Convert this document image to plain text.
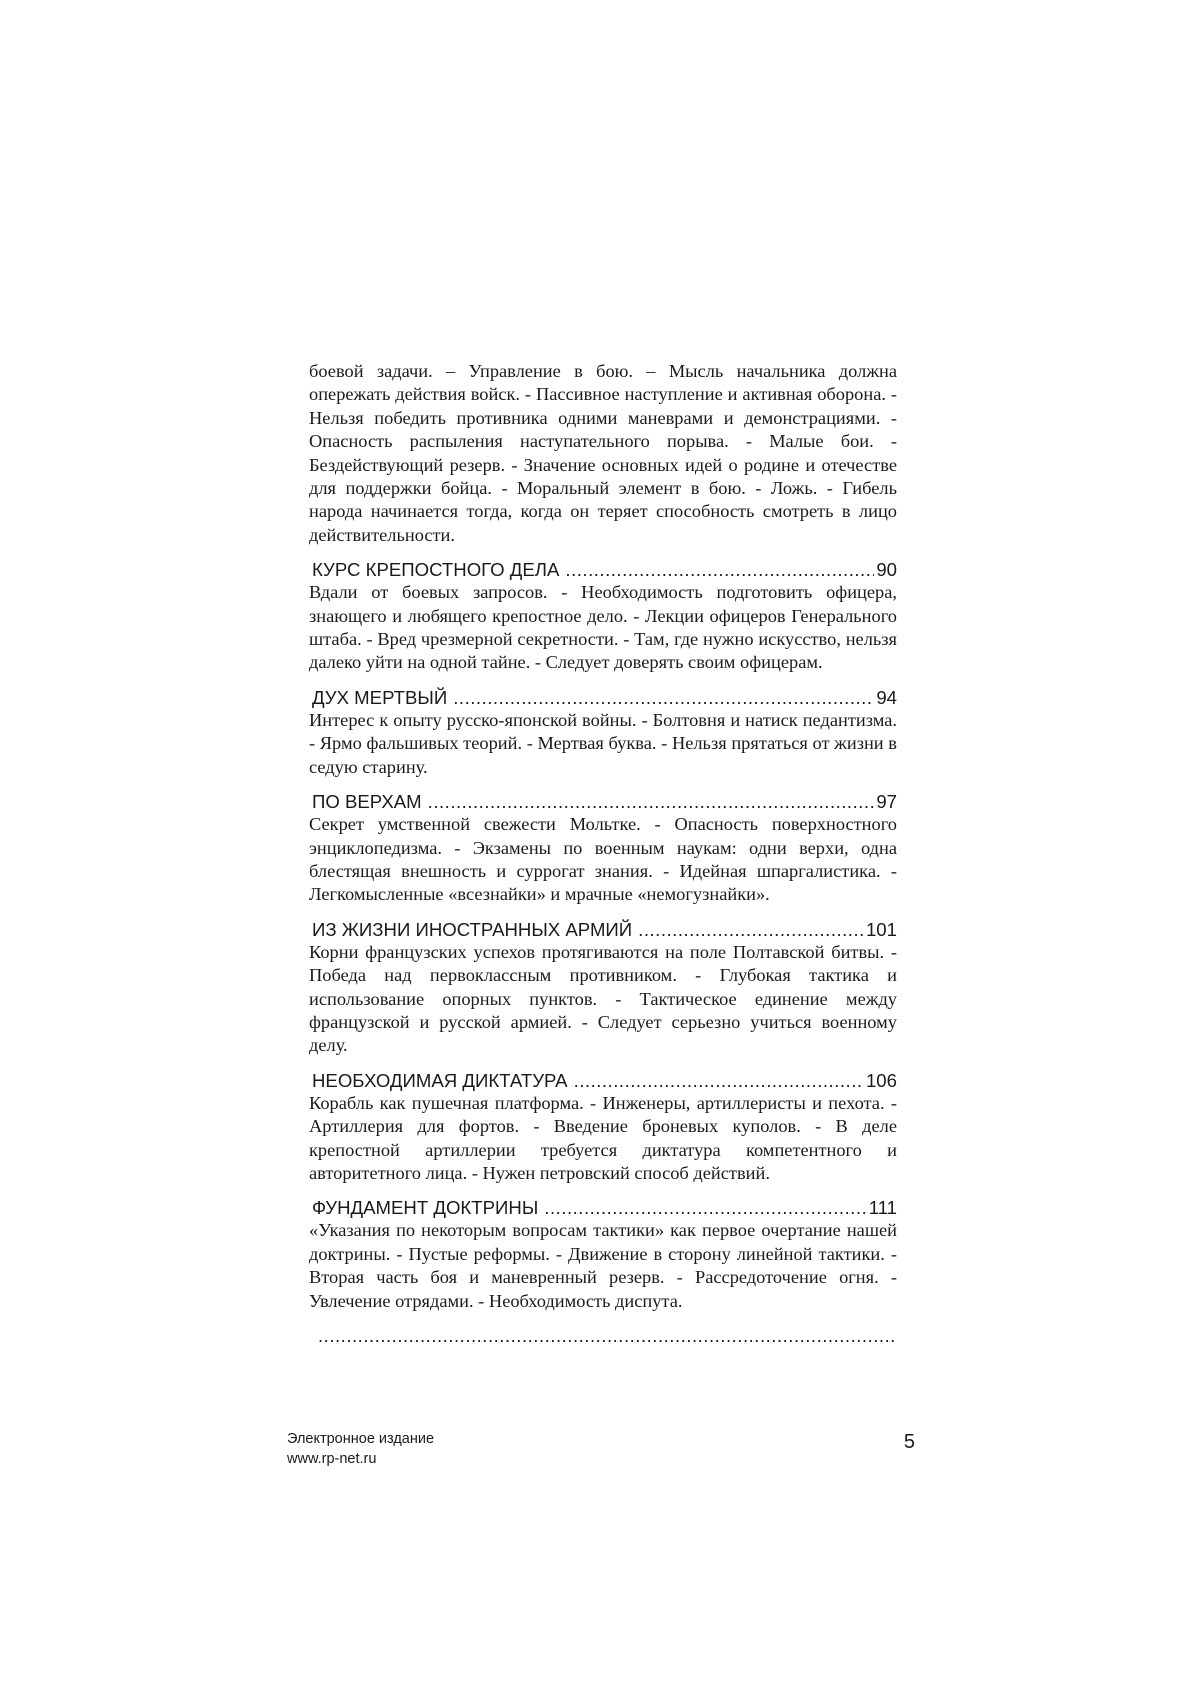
боевой задачи. – Управление в бою. – Мысль начальника должна опережать действия войск. - Пассивное наступление и активная оборона. - Нельзя победить противника одними маневрами и демонстрациями. - Опасность распыления наступательного порыва. - Малые бои. - Бездействующий резерв. - Значение основных идей о родине и отечестве для поддержки бойца. - Моральный элемент в бою. - Ложь. - Гибель народа начинается тогда, когда он теряет способность смотреть в лицо действительности.

КУРС КРЕПОСТНОГО ДЕЛА .....	90

Вдали от боевых запросов. - Необходимость подготовить офицера, знающего и любящего крепостное дело. - Лекции офицеров Генерального штаба. - Вред чрезмерной секретности. - Там, где нужно искусство, нельзя далеко уйти на одной тайне. - Следует доверять своим офицерам.

ДУХ МЕРТВЫЙ .....	94

Интерес к опыту русско-японской войны. - Болтовня и натиск педантизма. - Ярмо фальшивых теорий. - Мертвая буква. - Нельзя прятаться от жизни в седую старину.

ПО ВЕРХАМ .....	97

Секрет умственной свежести Мольтке. - Опасность поверхностного энциклопедизма. - Экзамены по военным наукам: одни верхи, одна блестящая внешность и суррогат знания. - Идейная шпаргалистика. - Легкомысленные «всезнайки» и мрачные «немогузнайки».

ИЗ ЖИЗНИ ИНОСТРАННЫХ АРМИЙ .....	101

Корни французских успехов протягиваются на поле Полтавской битвы. - Победа над первоклассным противником. - Глубокая тактика и использование опорных пунктов. - Тактическое единение между французской и русской армией. - Следует серьезно учиться военному делу.

НЕОБХОДИМАЯ ДИКТАТУРА .....	106

Корабль как пушечная платформа. - Инженеры, артиллеристы и пехота. - Артиллерия для фортов. - Введение броневых куполов. - В деле крепостной артиллерии требуется диктатура компетентного и авторитетного лица. - Нужен петровский способ действий.

ФУНДАМЕНТ ДОКТРИНЫ .....	111

«Указания по некоторым вопросам тактики» как первое очертание нашей доктрины. - Пустые реформы. - Движение в сторону линейной тактики. - Вторая часть боя и маневренный резерв. - Рассредоточение огня. - Увлечение отрядами. - Необходимость диспута.

.....

Электронное издание
www.rp-net.ru
5
